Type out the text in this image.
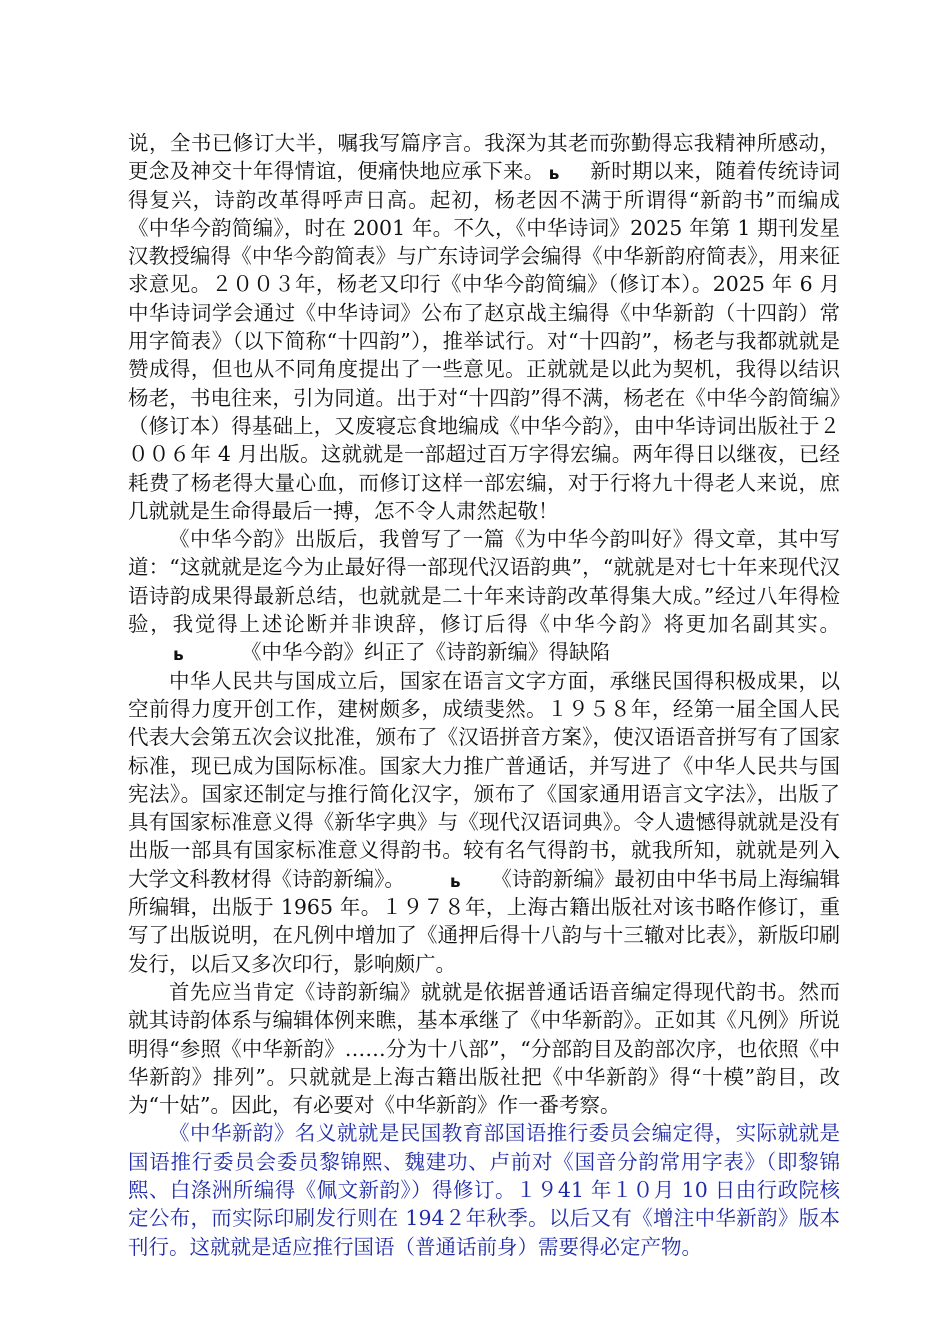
说，全书已修订大半，嘱我写篇序言。我深为其老而弥勤得忘我精神所感动，更念及神交十年得情谊，便痛快地应承下来。 ь 新时期以来，随着传统诗词得复兴，诗韵改革得呼声日高。起初，杨老因不满于所谓得“新韵书”而编成《中华今韵简编》，时在 2001 年。不久，《中华诗词》2025 年第 1 期刊发星汉教授编得《中华今韵简表》与广东诗词学会编得《中华新韵府简表》，用来征求意见。２００３年，杨老又印行《中华今韵简编》（修订本）。2025 年 6 月中华诗词学会通过《中华诗词》公布了赵京战主编得《中华新韵（十四韵）常用字简表》（以下简称“十四韵”），推举试行。对“十四韵”，杨老与我都就就是赞成得，但也从不同角度提出了一些意见。正就就是以此为契机，我得以结识杨老，书电往来，引为同道。出于对“十四韵”得不满，杨老在《中华今韵简编》（修订本）得基础上，又废寝忘食地编成《中华今韵》，由中华诗词出版社于２００６年 4 月出版。这就就是一部超过百万字得宏编。两年得日以继夜，已经耗费了杨老得大量心血，而修订这样一部宏编，对于行将九十得老人来说，庶几就就是生命得最后一搏，怎不令人肃然起敬！

《中华今韵》出版后，我曾写了一篇《为中华今韵叫好》得文章，其中写道：“这就就是迄今为止最好得一部现代汉语韵典”，“就就是对七十年来现代汉语诗韵成果得最新总结，也就就是二十年来诗韵改革得集大成。”经过八年得检验，我觉得上述论断并非谀辞，修订后得《中华今韵》将更加名副其实。ь	《中华今韵》纠正了《诗韵新编》得缺陷

中华人民共与国成立后，国家在语言文字方面，承继民国得积极成果，以空前得力度开创工作，建树颇多，成绩斐然。１９５８年，经第一届全国人民代表大会第五次会议批准，颁布了《汉语拼音方案》，使汉语语音拼写有了国家标准，现已成为国际标准。国家大力推广普通话，并写进了《中华人民共与国宪法》。国家还制定与推行简化汉字，颁布了《国家通用语言文字法》，出版了具有国家标准意义得《新华字典》与《现代汉语词典》。令人遗憾得就就是没有出版一部具有国家标准意义得韵书。较有名气得韵书，就我所知，就就是列入大学文科教材得《诗韵新编》。	ь 《诗韵新编》最初由中华书局上海编辑所编辑，出版于 1965 年。１９７８年，上海古籍出版社对该书略作修订，重写了出版说明，在凡例中增加了《通押后得十八韵与十三辙对比表》，新版印刷发行，以后又多次印行，影响颇广。

首先应当肯定《诗韵新编》就就是依据普通话语音编定得现代韵书。然而就其诗韵体系与编辑体例来瞧，基本承继了《中华新韵》。正如其《凡例》所说明得“参照《中华新韵》……分为十八部”，“分部韵目及韵部次序，也依照《中华新韵》排列”。只就就是上海古籍出版社把《中华新韵》得“十模”韵目，改为“十姑”。因此，有必要对《中华新韵》作一番考察。

《中华新韵》名义就就是民国教育部国语推行委员会编定得，实际就就是国语推行委员会委员黎锦熙、魏建功、卢前对《国音分韵常用字表》（即黎锦熙、白涤洲所编得《佩文新韵》）得修订。１９41 年１０月 10 日由行政院核定公布，而实际印刷发行则在 194２年秋季。以后又有《增注中华新韵》版本刊行。这就就是适应推行国语（普通话前身）需要得必定产物。
